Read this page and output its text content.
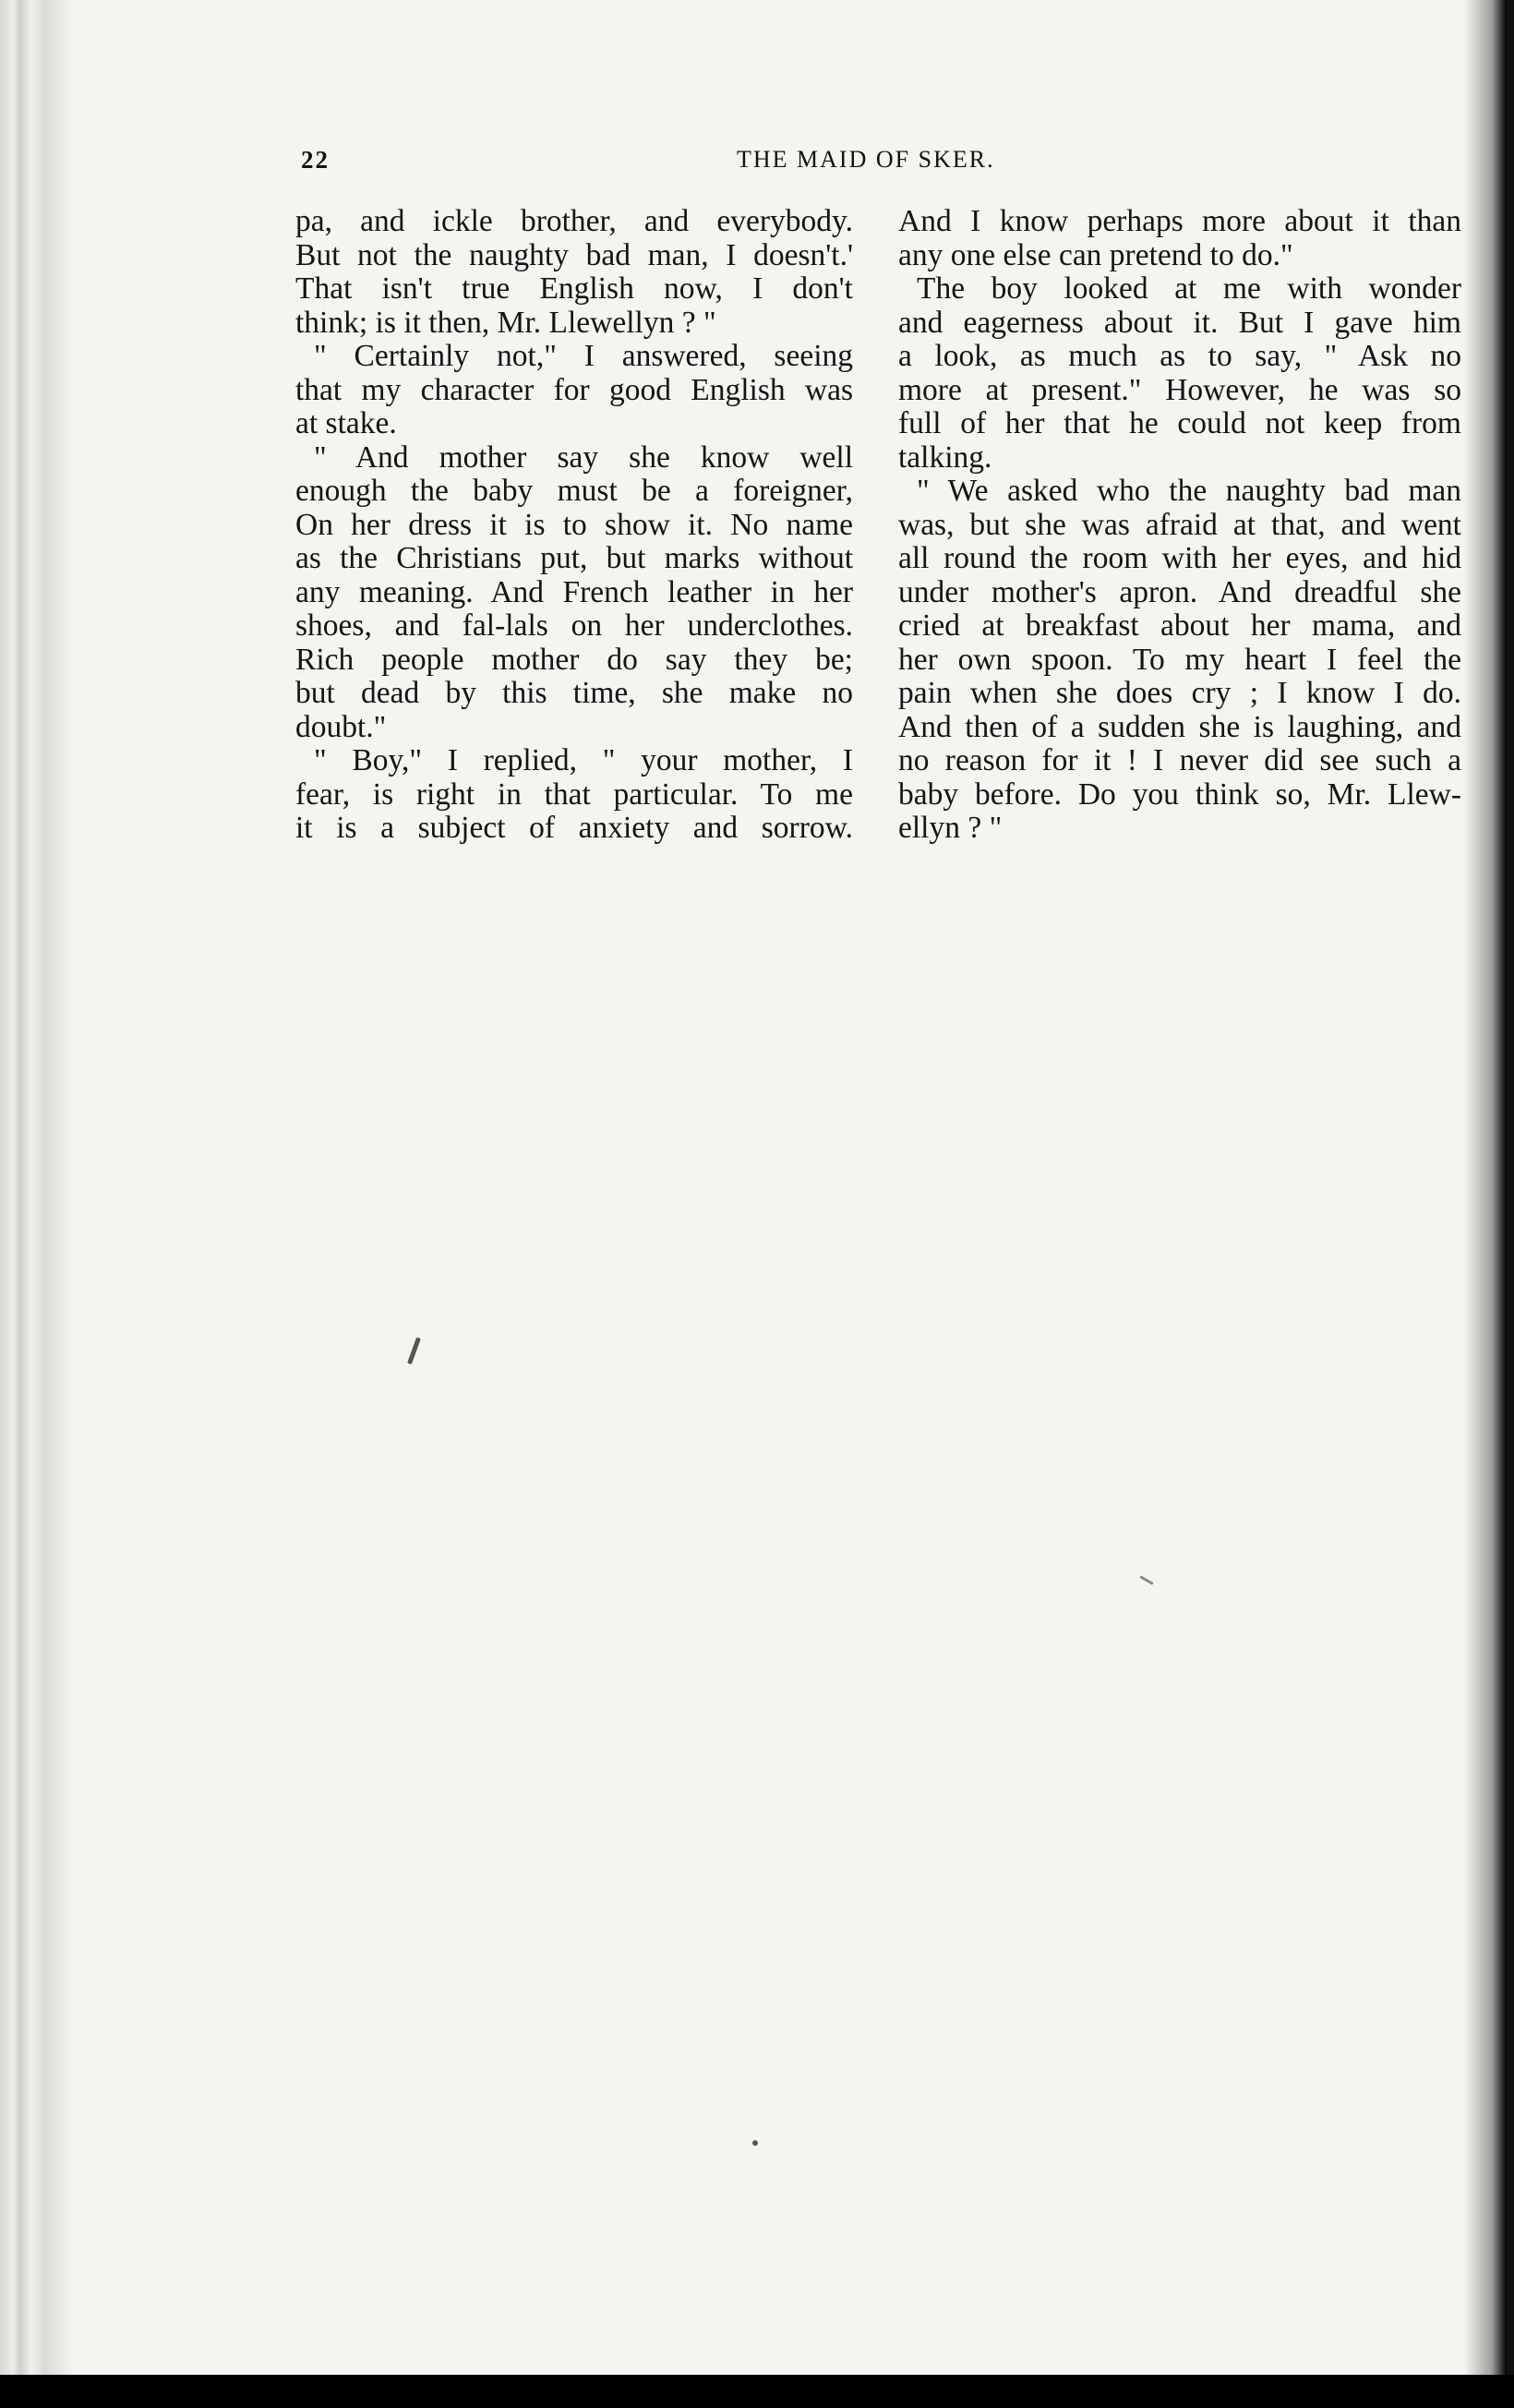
22	THE MAID OF SKER.
pa, and ickle brother, and everybody.
But not the naughty bad man, I doesn't.'
That isn't true English now, I don't
think; is it then, Mr. Llewellyn ? "
" Certainly not," I answered, seeing
that my character for good English was
at stake.
" And mother say she know well
enough the baby must be a foreigner,
On her dress it is to show it. No name
as the Christians put, but marks without
any meaning. And French leather in her
shoes, and fal-lals on her underclothes.
Rich people mother do say they be;
but dead by this time, she make no
doubt."
" Boy," I replied, " your mother, I
fear, is right in that particular. To me
it is a subject of anxiety and sorrow.
And I know perhaps more about it than
any one else can pretend to do."
The boy looked at me with wonder
and eagerness about it. But I gave him
a look, as much as to say, " Ask no
more at present." However, he was so
full of her that he could not keep from
talking.
" We asked who the naughty bad man
was, but she was afraid at that, and went
all round the room with her eyes, and hid
under mother's apron. And dreadful she
cried at breakfast about her mama, and
her own spoon. To my heart I feel the
pain when she does cry ; I know I do.
And then of a sudden she is laughing, and
no reason for it ! I never did see such a
baby before. Do you think so, Mr. Llew-
ellyn ? "
